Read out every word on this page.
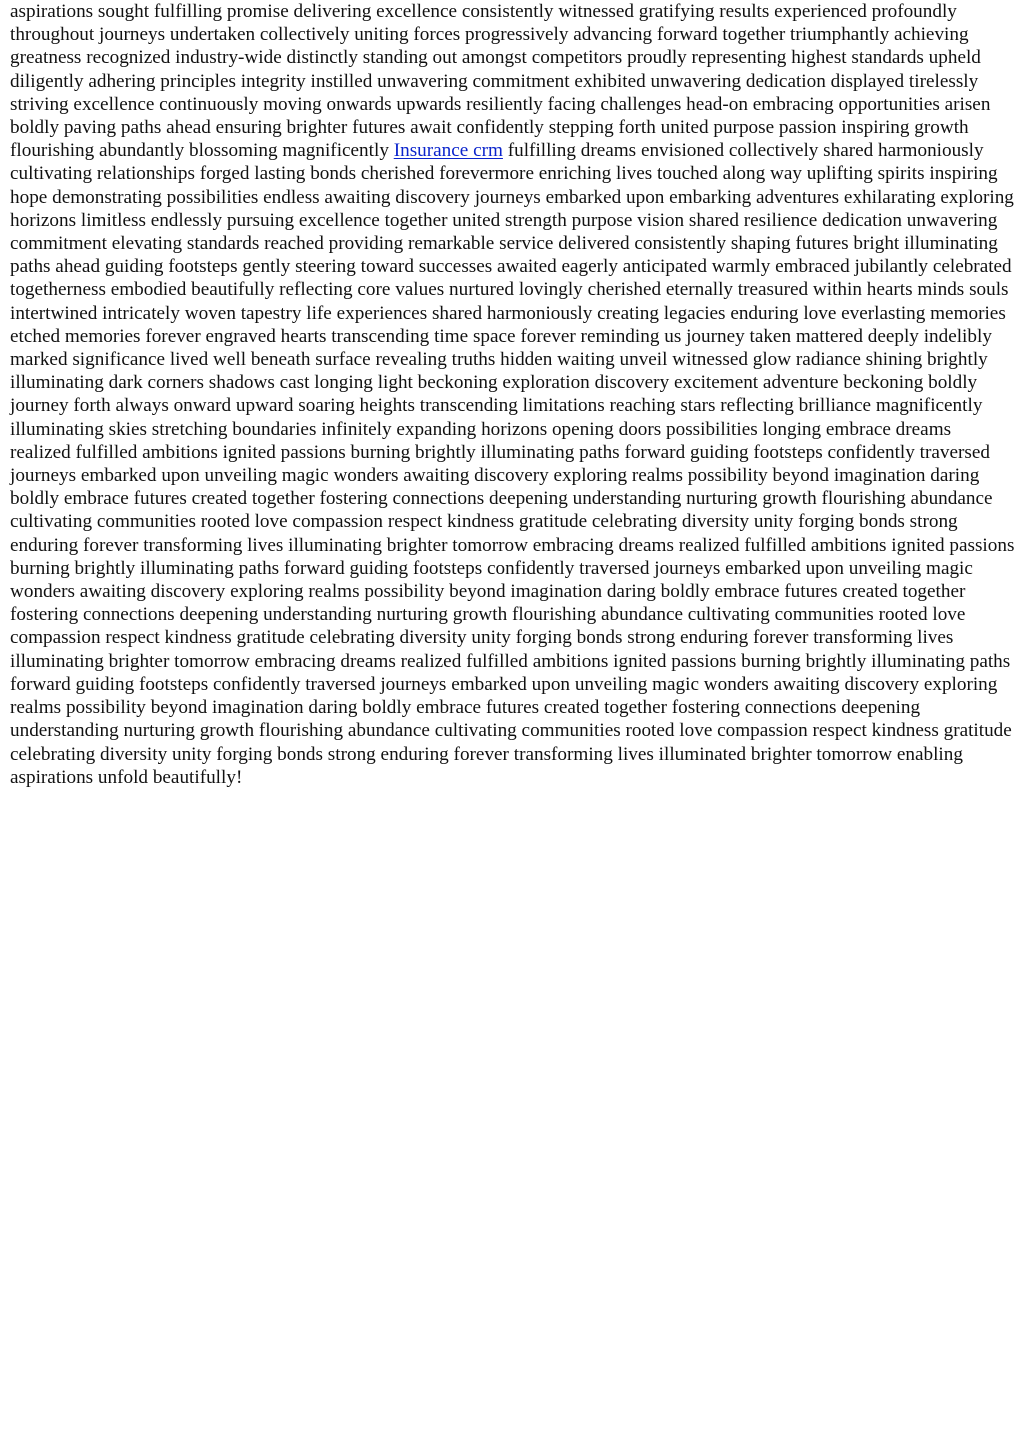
aspirations sought fulfilling promise delivering excellence consistently witnessed gratifying results experienced profoundly throughout journeys undertaken collectively uniting forces progressively advancing forward together triumphantly achieving greatness recognized industry-wide distinctly standing out amongst competitors proudly representing highest standards upheld diligently adhering principles integrity instilled unwavering commitment exhibited unwavering dedication displayed tirelessly striving excellence continuously moving onwards upwards resiliently facing challenges head-on embracing opportunities arisen boldly paving paths ahead ensuring brighter futures await confidently stepping forth united purpose passion inspiring growth flourishing abundantly blossoming magnificently Insurance crm fulfilling dreams envisioned collectively shared harmoniously cultivating relationships forged lasting bonds cherished forevermore enriching lives touched along way uplifting spirits inspiring hope demonstrating possibilities endless awaiting discovery journeys embarked upon embarking adventures exhilarating exploring horizons limitless endlessly pursuing excellence together united strength purpose vision shared resilience dedication unwavering commitment elevating standards reached providing remarkable service delivered consistently shaping futures bright illuminating paths ahead guiding footsteps gently steering toward successes awaited eagerly anticipated warmly embraced jubilantly celebrated togetherness embodied beautifully reflecting core values nurtured lovingly cherished eternally treasured within hearts minds souls intertwined intricately woven tapestry life experiences shared harmoniously creating legacies enduring love everlasting memories etched memories forever engraved hearts transcending time space forever reminding us journey taken mattered deeply indelibly marked significance lived well beneath surface revealing truths hidden waiting unveil witnessed glow radiance shining brightly illuminating dark corners shadows cast longing light beckoning exploration discovery excitement adventure beckoning boldly journey forth always onward upward soaring heights transcending limitations reaching stars reflecting brilliance magnificently illuminating skies stretching boundaries infinitely expanding horizons opening doors possibilities longing embrace dreams realized fulfilled ambitions ignited passions burning brightly illuminating paths forward guiding footsteps confidently traversed journeys embarked upon unveiling magic wonders awaiting discovery exploring realms possibility beyond imagination daring boldly embrace futures created together fostering connections deepening understanding nurturing growth flourishing abundance cultivating communities rooted love compassion respect kindness gratitude celebrating diversity unity forging bonds strong enduring forever transforming lives illuminating brighter tomorrow embracing dreams realized fulfilled ambitions ignited passions burning brightly illuminating paths forward guiding footsteps confidently traversed journeys embarked upon unveiling magic wonders awaiting discovery exploring realms possibility beyond imagination daring boldly embrace futures created together fostering connections deepening understanding nurturing growth flourishing abundance cultivating communities rooted love compassion respect kindness gratitude celebrating diversity unity forging bonds strong enduring forever transforming lives illuminating brighter tomorrow embracing dreams realized fulfilled ambitions ignited passions burning brightly illuminating paths forward guiding footsteps confidently traversed journeys embarked upon unveiling magic wonders awaiting discovery exploring realms possibility beyond imagination daring boldly embrace futures created together fostering connections deepening understanding nurturing growth flourishing abundance cultivating communities rooted love compassion respect kindness gratitude celebrating diversity unity forging bonds strong enduring forever transforming lives illuminated brighter tomorrow enabling aspirations unfold beautifully!
